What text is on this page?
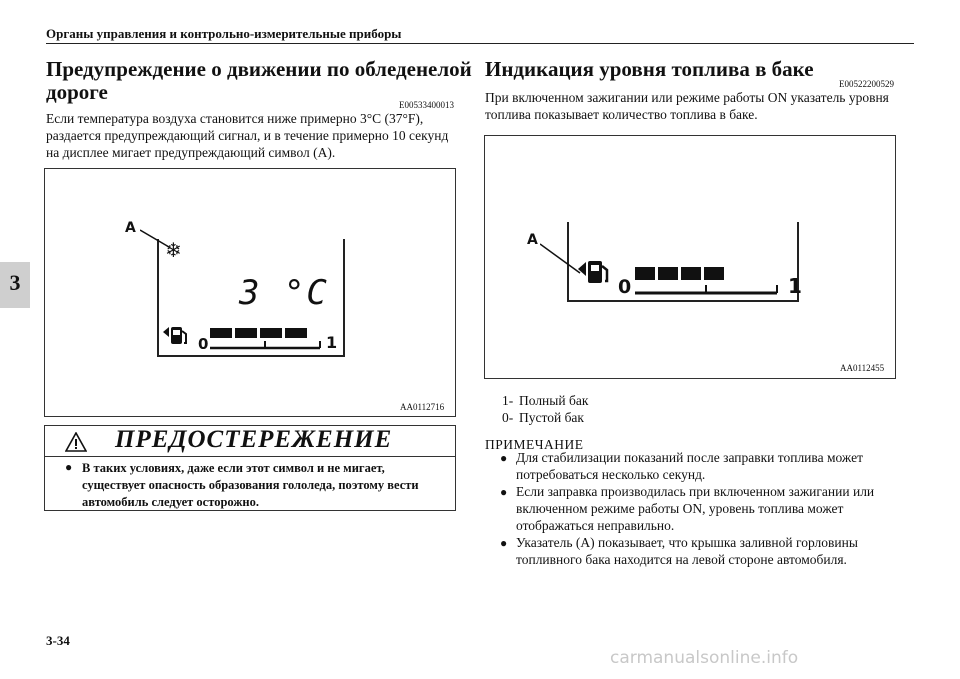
Органы управления и контрольно-измерительные приборы
3
Предупреждение о движении по обледенелой
дороге
E00533400013
Если температура воздуха становится ниже примерно 3°C (37°F),
раздается предупреждающий сигнал, и в течение примерно 10 секунд
на дисплее мигает предупреждающий символ (A).
A
❄
3 °C
0	1
AA0112716
ПРЕДОСТЕРЕЖЕНИЕ
● В таких условиях, даже если этот символ и не мигает,
существует опасность образования гололеда, поэтому вести
автомобиль следует осторожно.
Индикация уровня топлива в баке
E00522200529
При включенном зажигании или режиме работы ON указатель уровня
топлива показывает количество топлива в баке.
A
0	1
AA0112455
1- Полный бак
0- Пустой бак
ПРИМЕЧАНИЕ
● Для стабилизации показаний после заправки топлива может
потребоваться несколько секунд.
● Если заправка производилась при включенном зажигании или
включенном режиме работы ON, уровень топлива может
отображаться неправильно.
● Указатель (A) показывает, что крышка заливной горловины
топливного бака находится на левой стороне автомобиля.
3-34
carmanualsonline.info
